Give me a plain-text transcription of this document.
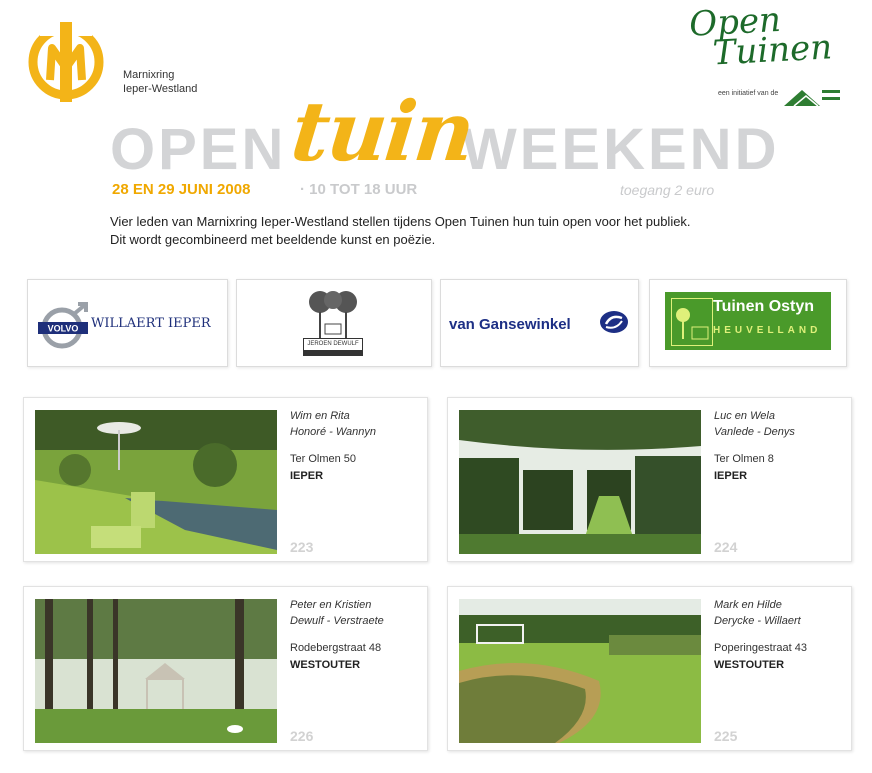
Marnixring
Ieper-Westland
Open
Tuinen
een initiatief van de
OPEN	WEEKEND
tuin
28 EN 29 JUNI 2008	· 10 TOT 18 UUR	toegang 2 euro
Vier leden van Marnixring Ieper-Westland stellen tijdens Open Tuinen hun tuin open voor het publiek.
Dit wordt gecombineerd met beeldende kunst en poëzie.
VOLVO WILLAERT IEPER
JEROEN DEWULF
van Gansewinkel
Tuinen Ostyn
HEUVELLAND
Wim en Rita
Honoré - Wannyn
Ter Olmen 50
IEPER
223
Luc en Wela
Vanlede - Denys
Ter Olmen 8
IEPER
224
Peter en Kristien
Dewulf - Verstraete
Rodebergstraat 48
WESTOUTER
226
Mark en Hilde
Derycke - Willaert
Poperingestraat 43
WESTOUTER
225
